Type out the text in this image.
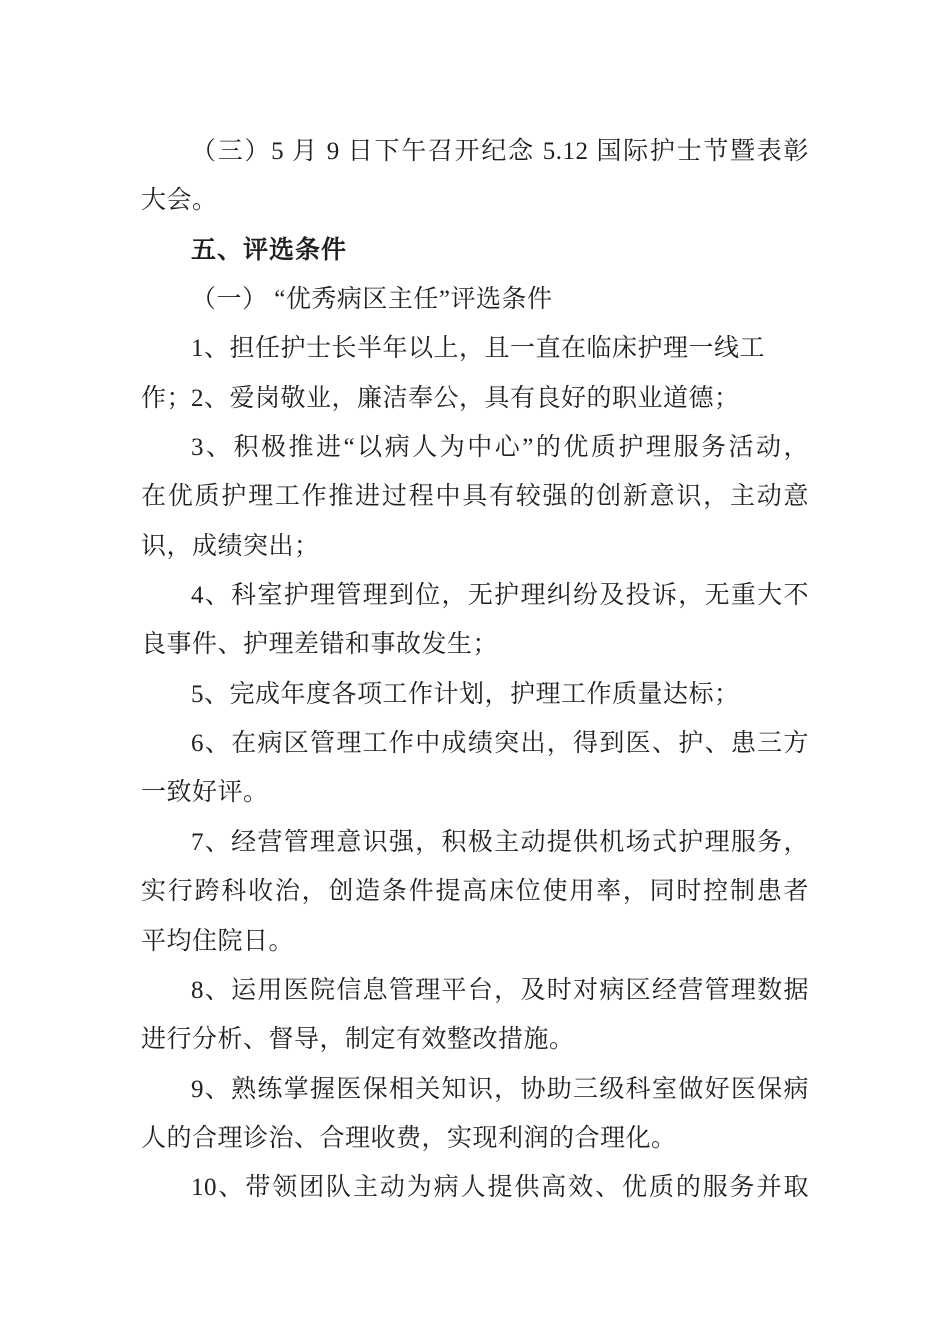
（三）5 月 9 日下午召开纪念 5.12 国际护士节暨表彰
大会。
五、评选条件
（一） “优秀病区主任”评选条件
1、担任护士长半年以上，且一直在临床护理一线工作；
2、爱岗敬业，廉洁奉公，具有良好的职业道德；
3、积极推进“以病人为中心”的优质护理服务活动，
在优质护理工作推进过程中具有较强的创新意识，主动意
识，成绩突出；
4、科室护理管理到位，无护理纠纷及投诉，无重大不
良事件、护理差错和事故发生；
5、完成年度各项工作计划，护理工作质量达标；
6、在病区管理工作中成绩突出，得到医、护、患三方
一致好评。
7、经营管理意识强，积极主动提供机场式护理服务，
实行跨科收治，创造条件提高床位使用率，同时控制患者
平均住院日。
8、运用医院信息管理平台，及时对病区经营管理数据
进行分析、督导，制定有效整改措施。
9、熟练掌握医保相关知识，协助三级科室做好医保病
人的合理诊治、合理收费，实现利润的合理化。
10、带领团队主动为病人提供高效、优质的服务并取
